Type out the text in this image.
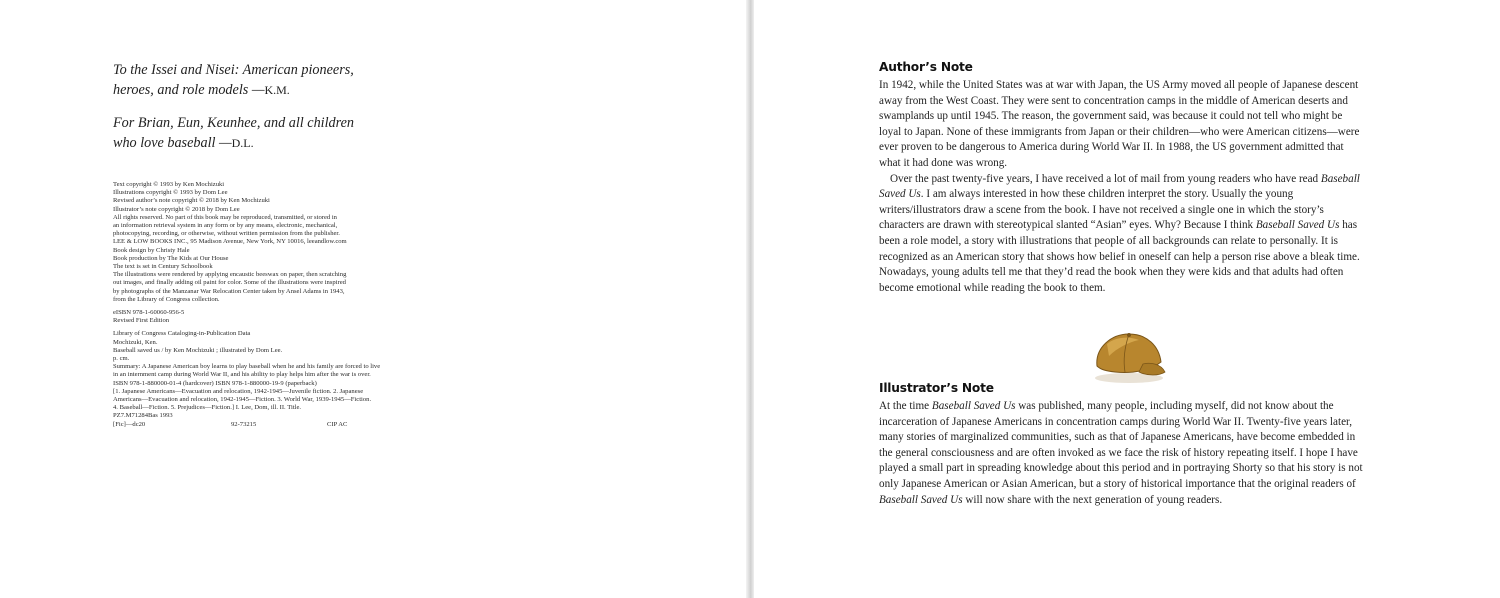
To the Issei and Nisei: American pioneers,
heroes, and role models —K.M.

For Brian, Eun, Keunhee, and all children
who love baseball —D.L.

Text copyright © 1993 by Ken Mochizuki

Illustrations copyright © 1993 by Dom Lee

Revised author’s note copyright © 2018 by Ken Mochizuki

Illustrator’s note copyright © 2018 by Dom Lee

All rights reserved. No part of this book may be reproduced, transmitted, or stored in

an information retrieval system in any form or by any means, electronic, mechanical,

photocopying, recording, or otherwise, without written permission from the publisher.

LEE & LOW BOOKS INC., 95 Madison Avenue, New York, NY 10016, leeandlow.com

Book design by Christy Hale

Book production by The Kids at Our House

The text is set in Century Schoolbook

The illustrations were rendered by applying encaustic beeswax on paper, then scratching

out images, and finally adding oil paint for color. Some of the illustrations were inspired

by photographs of the Manzanar War Relocation Center taken by Ansel Adams in 1943,

from the Library of Congress collection.

eISBN 978-1-60060-956-5

Revised First Edition

Library of Congress Cataloging-in-Publication Data

Mochizuki, Ken.

Baseball saved us / by Ken Mochizuki ; illustrated by Dom Lee.

p. cm.

Summary: A Japanese American boy learns to play baseball when he and his family are forced to live

in an internment camp during World War II, and his ability to play helps him after the war is over.

ISBN 978-1-880000-01-4 (hardcover) ISBN 978-1-880000-19-9 (paperback)

[1. Japanese Americans—Evacuation and relocation, 1942-1945—Juvenile fiction. 2. Japanese

Americans—Evacuation and relocation, 1942-1945—Fiction. 3. World War, 1939-1945—Fiction.

4. Baseball—Fiction. 5. Prejudices—Fiction.] I. Lee, Dom, ill. II. Title.

PZ7.M71284Bas 1993

[Fic]—dc20	92-73215	CIP AC

Author’s Note

In 1942, while the United States was at war with Japan, the US Army moved all people of Japanese descent away from the West Coast. They were sent to concentration camps in the middle of American deserts and swamplands up until 1945. The reason, the government said, was because it could not tell who might be loyal to Japan. None of these immigrants from Japan or their children—who were American citizens—were ever proven to be dangerous to America during World War II. In 1988, the US government admitted that what it had done was wrong.

Over the past twenty-five years, I have received a lot of mail from young readers who have read Baseball Saved Us. I am always interested in how these children interpret the story. Usually the young writers/illustrators draw a scene from the book. I have not received a single one in which the story’s characters are drawn with stereotypical slanted “Asian” eyes. Why? Because I think Baseball Saved Us has been a role model, a story with illustrations that people of all backgrounds can relate to personally. It is recognized as an American story that shows how belief in oneself can help a person rise above a bleak time. Nowadays, young adults tell me that they’d read the book when they were kids and that adults had often become emotional while reading the book to them.

Illustrator’s Note

At the time Baseball Saved Us was published, many people, including myself, did not know about the incarceration of Japanese Americans in concentration camps during World War II. Twenty-five years later, many stories of marginalized communities, such as that of Japanese Americans, have become embedded in the general consciousness and are often invoked as we face the risk of history repeating itself. I hope I have played a small part in spreading knowledge about this period and in portraying Shorty so that his story is not only Japanese American or Asian American, but a story of historical importance that the original readers of Baseball Saved Us will now share with the next generation of young readers.
